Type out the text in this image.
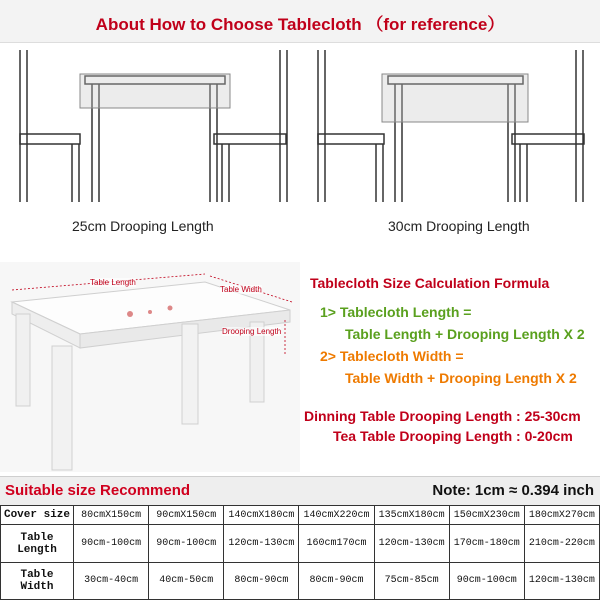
About How to Choose Tablecloth （for reference）
25cm Drooping Length	30cm Drooping Length
Table Length
Table Width
Drooping Length
Tablecloth Size Calculation Formula
1> Tablecloth Length =
Table Length + Drooping Length X 2
2> Tablecloth Width =
Table Width + Drooping Length X 2
Dinning Table Drooping Length : 25-30cm
Tea Table Drooping Length : 0-20cm
Suitable size Recommend	Note: 1cm ≈ 0.394 inch
Cover size	80cmX150cm	90cmX150cm	140cmX180cm	140cmX220cm	135cmX180cm	150cmX230cm	180cmX270cm
Table Length	90cm-100cm	90cm-100cm	120cm-130cm	160cm170cm	120cm-130cm	170cm-180cm	210cm-220cm
Table Width	30cm-40cm	40cm-50cm	80cm-90cm	80cm-90cm	75cm-85cm	90cm-100cm	120cm-130cm
